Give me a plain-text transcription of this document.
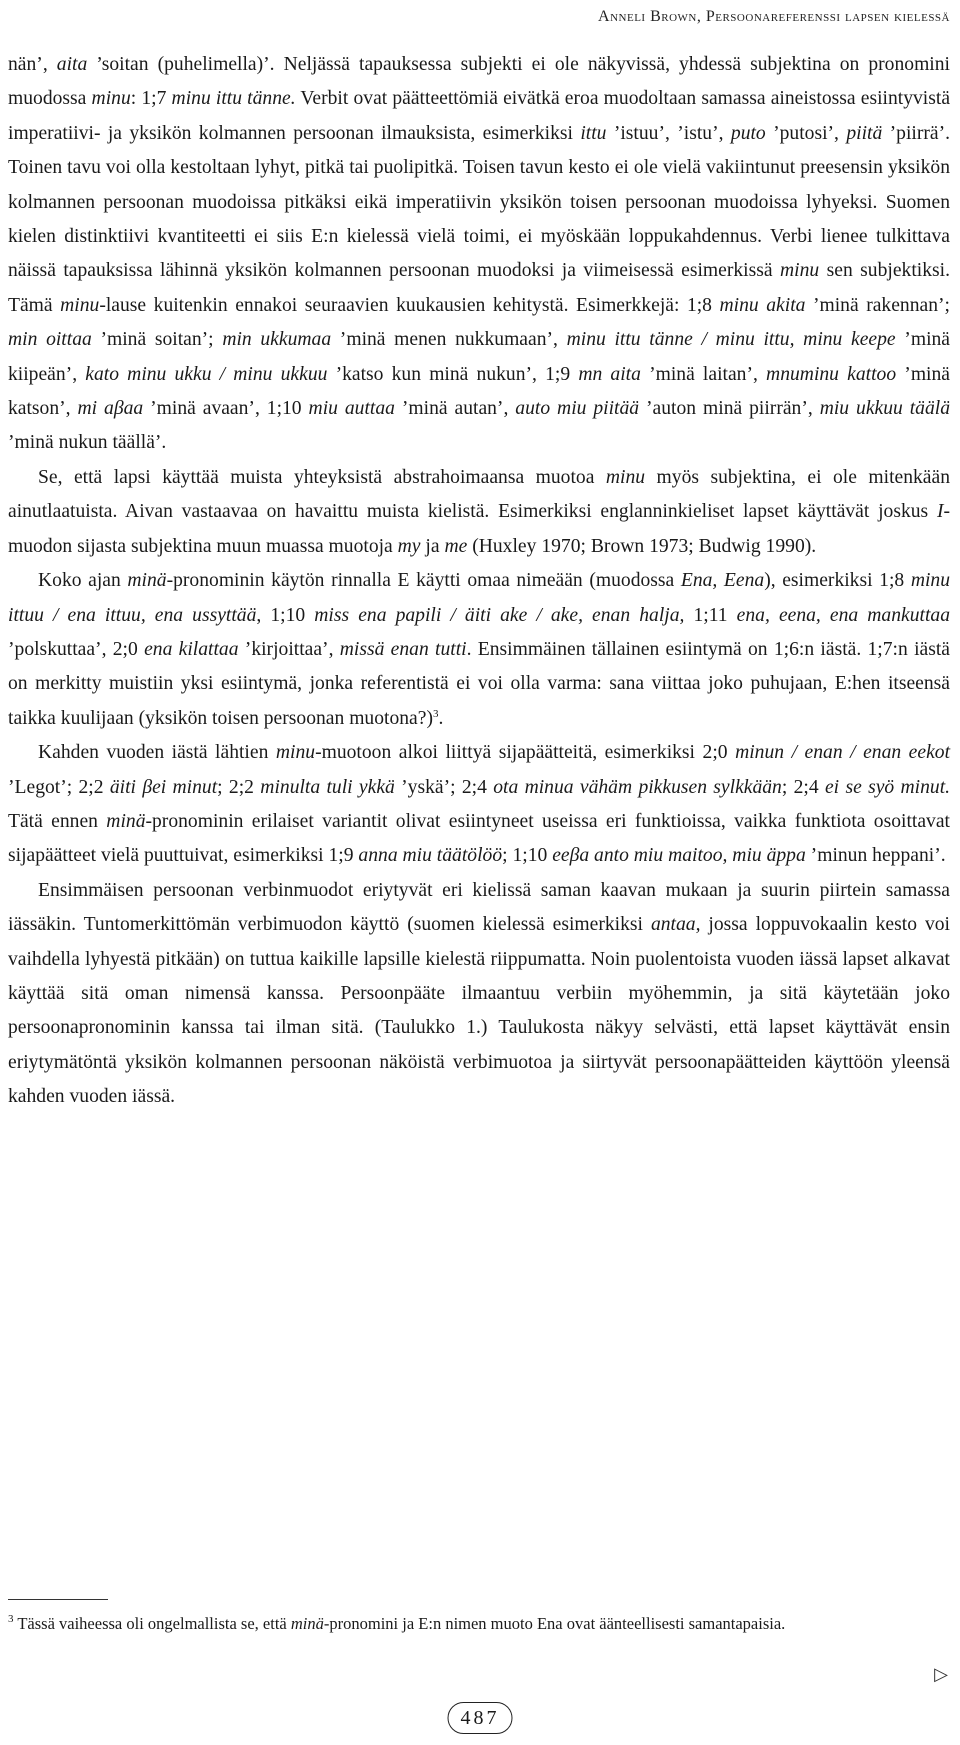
Anneli Brown, Persoonareferenssi lapsen kielessä

nän’, aita ’soitan (puhelimella)’. Neljässä tapauksessa subjekti ei ole näkyvissä, yhdessä subjektina on pronomini muodossa minu: 1;7 minu ittu tänne. Verbit ovat päätteettömiä eivätkä eroa muodoltaan samassa aineistossa esiintyvistä imperatiivi- ja yksikön kolmannen persoonan ilmauksista, esimerkiksi ittu ’istuu’, ’istu’, puto ’putosi’, piitä ’piirrä’. Toinen tavu voi olla kestoltaan lyhyt, pitkä tai puolipitkä. Toisen tavun kesto ei ole vielä vakiintunut preesensin yksikön kolmannen persoonan muodoissa pitkäksi eikä imperatiivin yksikön toisen persoonan muodoissa lyhyeksi. Suomen kielen distinktiivi kvantiteetti ei siis E:n kielessä vielä toimi, ei myöskään loppukahdennus. Verbi lienee tulkittava näissä tapauksissa lähinnä yksikön kolmannen persoonan muodoksi ja viimeisessä esimerkissä minu sen subjektiksi. Tämä minu-lause kuitenkin ennakoi seuraavien kuukausien kehitystä. Esimerkkejä: 1;8 minu akita ’minä rakennan’; min oittaa ’minä soitan’; min ukkumaa ’minä menen nukkumaan’, minu ittu tänne / minu ittu, minu keepe ’minä kiipeän’, kato minu ukku / minu ukkuu ’katso kun minä nukun’, 1;9 mn aita ’minä laitan’, mnuminu kattoo ’minä katson’, mi aβaa ’minä avaan’, 1;10 miu auttaa ’minä autan’, auto miu piitää ’auton minä piirrän’, miu ukkuu täälä ’minä nukun täällä’.

Se, että lapsi käyttää muista yhteyksistä abstrahoimaansa muotoa minu myös subjektina, ei ole mitenkään ainutlaatuista. Aivan vastaavaa on havaittu muista kielistä. Esimerkiksi englanninkieliset lapset käyttävät joskus I-muodon sijasta subjektina muun muassa muotoja my ja me (Huxley 1970; Brown 1973; Budwig 1990).

Koko ajan minä-pronominin käytön rinnalla E käytti omaa nimeään (muodossa Ena, Eena), esimerkiksi 1;8 minu ittuu / ena ittuu, ena ussyttää, 1;10 miss ena papili / äiti ake / ake, enan halja, 1;11 ena, eena, ena mankuttaa ’polskuttaa’, 2;0 ena kilattaa ’kirjoittaa’, missä enan tutti. Ensimmäinen tällainen esiintymä on 1;6:n iästä. 1;7:n iästä on merkitty muistiin yksi esiintymä, jonka referentistä ei voi olla varma: sana viittaa joko puhujaan, E:hen itseensä taikka kuulijaan (yksikön toisen persoonan muotona?)$^3$.

Kahden vuoden iästä lähtien minu-muotoon alkoi liittyä sijapäätteitä, esimerkiksi 2;0 minun / enan / enan eekot ’Legot’; 2;2 äiti βei minut; 2;2 minulta tuli ykkä ’yskä’; 2;4 ota minua vähäm pikkusen sylkkään; 2;4 ei se syö minut. Tätä ennen minä-pronominin erilaiset variantit olivat esiintyneet useissa eri funktioissa, vaikka funktiota osoittavat sijapäätteet vielä puuttuivat, esimerkiksi 1;9 anna miu täätölöö; 1;10 eeβa anto miu maitoo, miu äppa ’minun heppani’.

Ensimmäisen persoonan verbinmuodot eriytyvät eri kielissä saman kaavan mukaan ja suurin piirtein samassa iässäkin. Tuntomerkittömän verbimuodon käyttö (suomen kielessä esimerkiksi antaa, jossa loppuvokaalin kesto voi vaihdella lyhyestä pitkään) on tuttua kaikille lapsille kielestä riippumatta. Noin puolentoista vuoden iässä lapset alkavat käyttää sitä oman nimensä kanssa. Persoonpääte ilmaantuu verbiin myöhemmin, ja sitä käytetään joko persoonapronominin kanssa tai ilman sitä. (Taulukko 1.) Taulukosta näkyy selvästi, että lapset käyttävät ensin eriytymätöntä yksikön kolmannen persoonan näköistä verbimuotoa ja siirtyvät persoonapäätteiden käyttöön yleensä kahden vuoden iässä.

$^3$ Tässä vaiheessa oli ongelmallista se, että minä-pronomini ja E:n nimen muoto Ena ovat äänteellisesti samantapaisia.
▷
487
